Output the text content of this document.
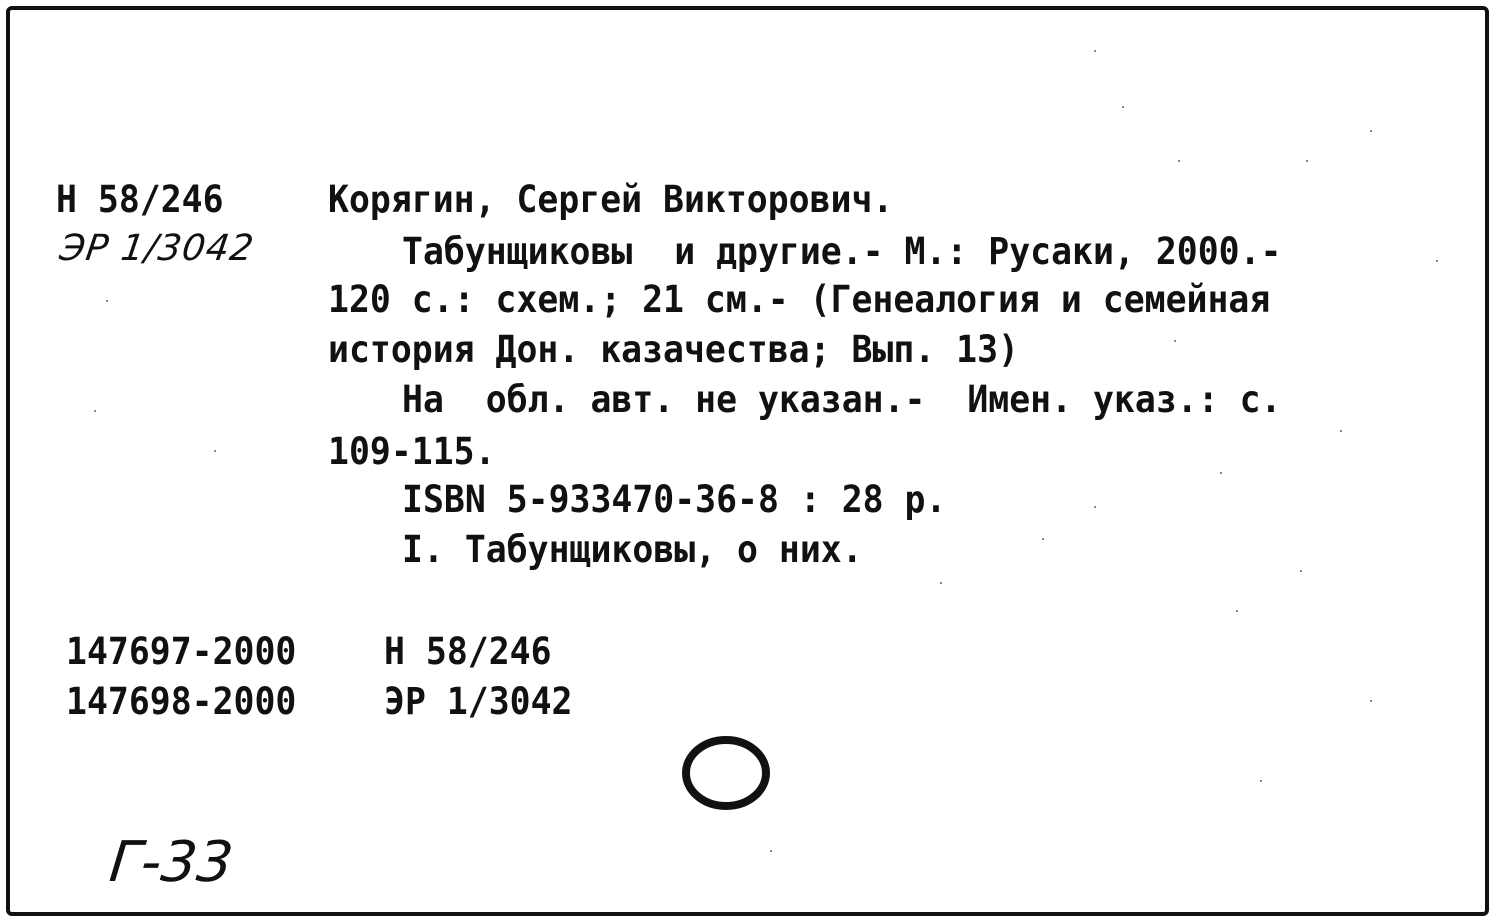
Н 58/246
ЭР 1/3042
Корягин, Сергей Викторович.
Табунщиковы  и другие.- М.: Русаки, 2000.-
120 с.: схем.; 21 см.- (Генеалогия и семейная
история Дон. казачества; Вып. 13)
На  обл. авт. не указан.-  Имен. указ.: с.
109-115.
ISBN 5-933470-36-8 : 28 р.
I. Табунщиковы, о них.
147697-2000 Н 58/246
147698-2000 ЭР 1/3042
Г-33
